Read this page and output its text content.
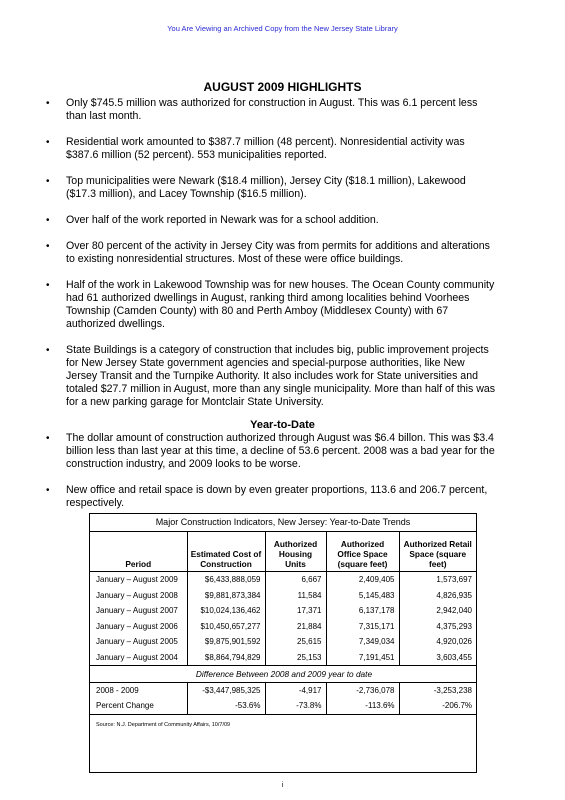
You Are Viewing an Archived Copy from the New Jersey State Library
AUGUST 2009 HIGHLIGHTS
• Only $745.5 million was authorized for construction in August. This was 6.1 percent less than last month.
• Residential work amounted to $387.7 million (48 percent). Nonresidential activity was $387.6 million (52 percent). 553 municipalities reported.
• Top municipalities were Newark ($18.4 million), Jersey City ($18.1 million), Lakewood ($17.3 million), and Lacey Township ($16.5 million).
• Over half of the work reported in Newark was for a school addition.
• Over 80 percent of the activity in Jersey City was from permits for additions and alterations to existing nonresidential structures. Most of these were office buildings.
• Half of the work in Lakewood Township was for new houses. The Ocean County community had 61 authorized dwellings in August, ranking third among localities behind Voorhees Township (Camden County) with 80 and Perth Amboy (Middlesex County) with 67 authorized dwellings.
• State Buildings is a category of construction that includes big, public improvement projects for New Jersey State government agencies and special-purpose authorities, like New Jersey Transit and the Turnpike Authority. It also includes work for State universities and totaled $27.7 million in August, more than any single municipality. More than half of this was for a new parking garage for Montclair State University.
Year-to-Date
• The dollar amount of construction authorized through August was $6.4 billon. This was $3.4 billion less than last year at this time, a decline of 53.6 percent. 2008 was a bad year for the construction industry, and 2009 looks to be worse.
• New office and retail space is down by even greater proportions, 113.6 and 206.7 percent, respectively.
Major Construction Indicators, New Jersey: Year-to-Date Trends
Period	Estimated Cost of Construction	Authorized Housing Units	Authorized Office Space (square feet)	Authorized Retail Space (square feet)
January – August 2009	$6,433,888,059	6,667	2,409,405	1,573,697
January – August 2008	$9,881,873,384	11,584	5,145,483	4,826,935
January – August 2007	$10,024,136,462	17,371	6,137,178	2,942,040
January – August 2006	$10,450,657,277	21,884	7,315,171	4,375,293
January – August 2005	$9,875,901,592	25,615	7,349,034	4,920,026
January – August 2004	$8,864,794,829	25,153	7,191,451	3,603,455
Difference Between 2008 and 2009 year to date				
2008 - 2009	-$3,447,985,325	-4,917	-2,736,078	-3,253,238
Percent Change	-53.6%	-73.8%	-113.6%	-206.7%
Source: N.J. Department of Community Affairs, 10/7/09
i
